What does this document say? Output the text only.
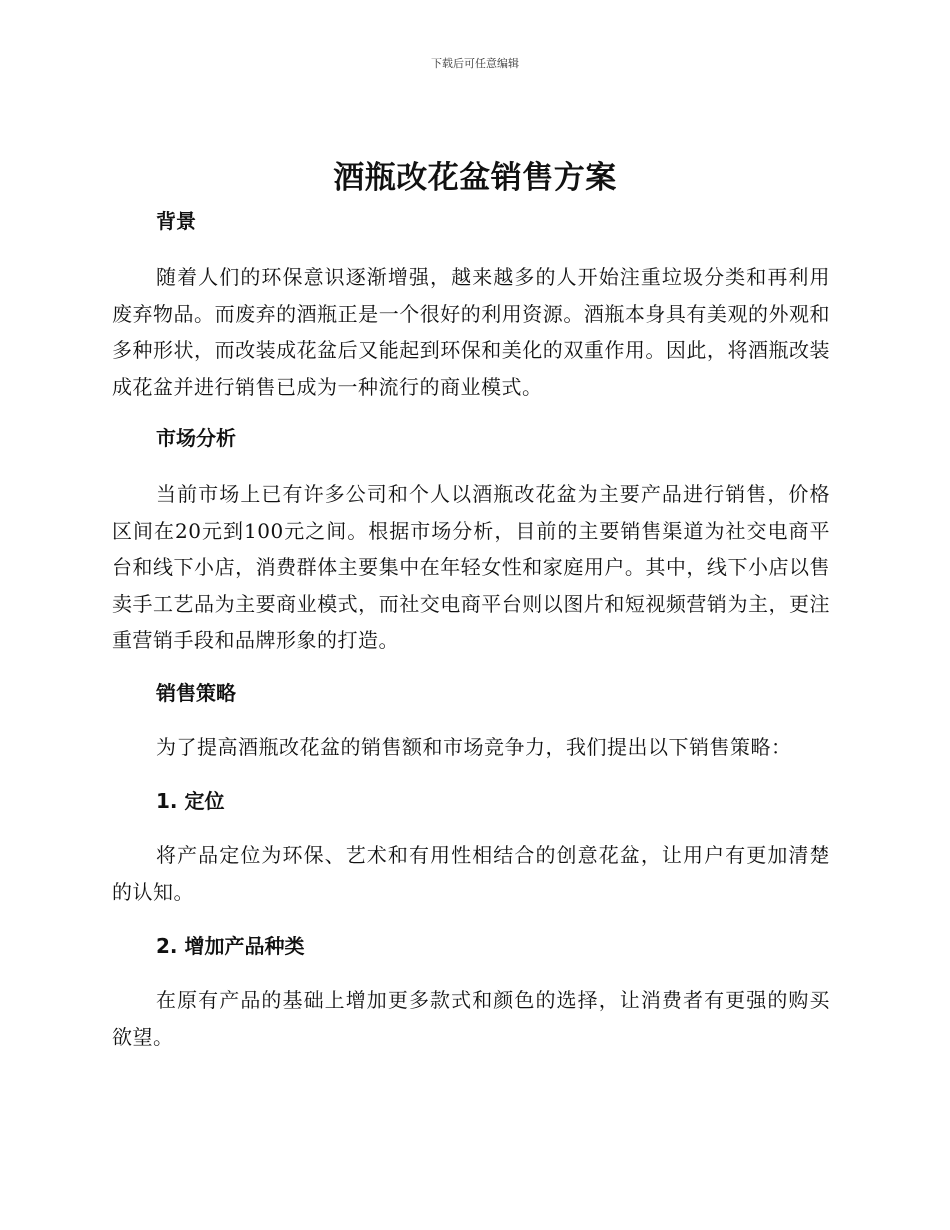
下载后可任意编辑
酒瓶改花盆销售方案
背景

随着人们的环保意识逐渐增强，越来越多的人开始注重垃圾分类和再利用废弃物品。而废弃的酒瓶正是一个很好的利用资源。酒瓶本身具有美观的外观和多种形状，而改装成花盆后又能起到环保和美化的双重作用。因此，将酒瓶改装成花盆并进行销售已成为一种流行的商业模式。

市场分析

当前市场上已有许多公司和个人以酒瓶改花盆为主要产品进行销售，价格区间在20元到100元之间。根据市场分析，目前的主要销售渠道为社交电商平台和线下小店，消费群体主要集中在年轻女性和家庭用户。其中，线下小店以售卖手工艺品为主要商业模式，而社交电商平台则以图片和短视频营销为主，更注重营销手段和品牌形象的打造。

销售策略

为了提高酒瓶改花盆的销售额和市场竞争力，我们提出以下销售策略：

1. 定位

将产品定位为环保、艺术和有用性相结合的创意花盆，让用户有更加清楚的认知。

2. 增加产品种类

在原有产品的基础上增加更多款式和颜色的选择，让消费者有更强的购买欲望。
